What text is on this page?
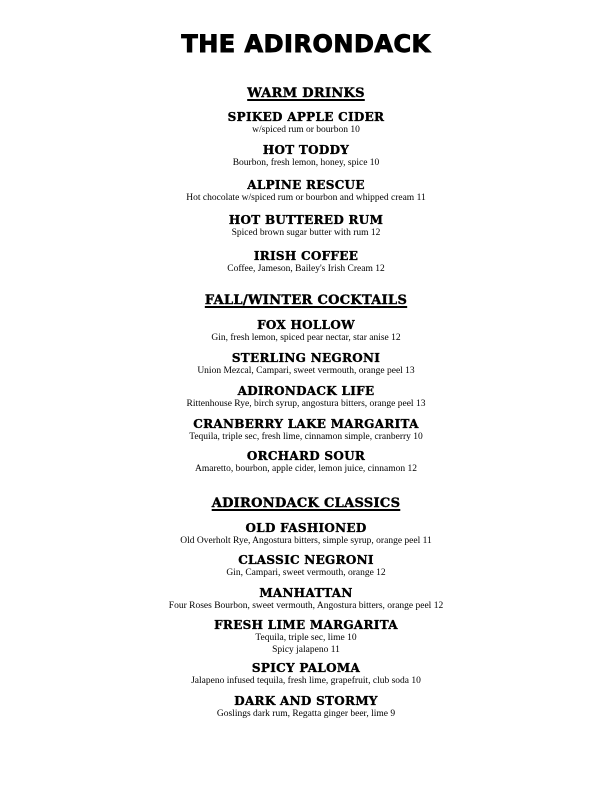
THE ADIRONDACK
WARM DRINKS
SPIKED APPLE CIDER
w/spiced rum or bourbon 10
HOT TODDY
Bourbon, fresh lemon, honey, spice 10
ALPINE RESCUE
Hot chocolate w/spiced rum or bourbon and whipped cream 11
HOT BUTTERED RUM
Spiced brown sugar butter with rum 12
IRISH COFFEE
Coffee, Jameson, Bailey's Irish Cream 12
FALL/WINTER COCKTAILS
FOX HOLLOW
Gin, fresh lemon, spiced pear nectar, star anise 12
STERLING NEGRONI
Union Mezcal, Campari, sweet vermouth, orange peel 13
ADIRONDACK LIFE
Rittenhouse Rye, birch syrup, angostura bitters, orange peel 13
CRANBERRY LAKE MARGARITA
Tequila, triple sec, fresh lime, cinnamon simple, cranberry 10
ORCHARD SOUR
Amaretto, bourbon, apple cider, lemon juice, cinnamon 12
ADIRONDACK CLASSICS
OLD FASHIONED
Old Overholt Rye, Angostura bitters, simple syrup, orange peel 11
CLASSIC NEGRONI
Gin, Campari, sweet vermouth, orange 12
MANHATTAN
Four Roses Bourbon, sweet vermouth, Angostura bitters, orange peel 12
FRESH LIME MARGARITA
Tequila, triple sec, lime 10
Spicy jalapeno 11
SPICY PALOMA
Jalapeno infused tequila, fresh lime, grapefruit, club soda 10
DARK AND STORMY
Goslings dark rum, Regatta ginger beer, lime 9
